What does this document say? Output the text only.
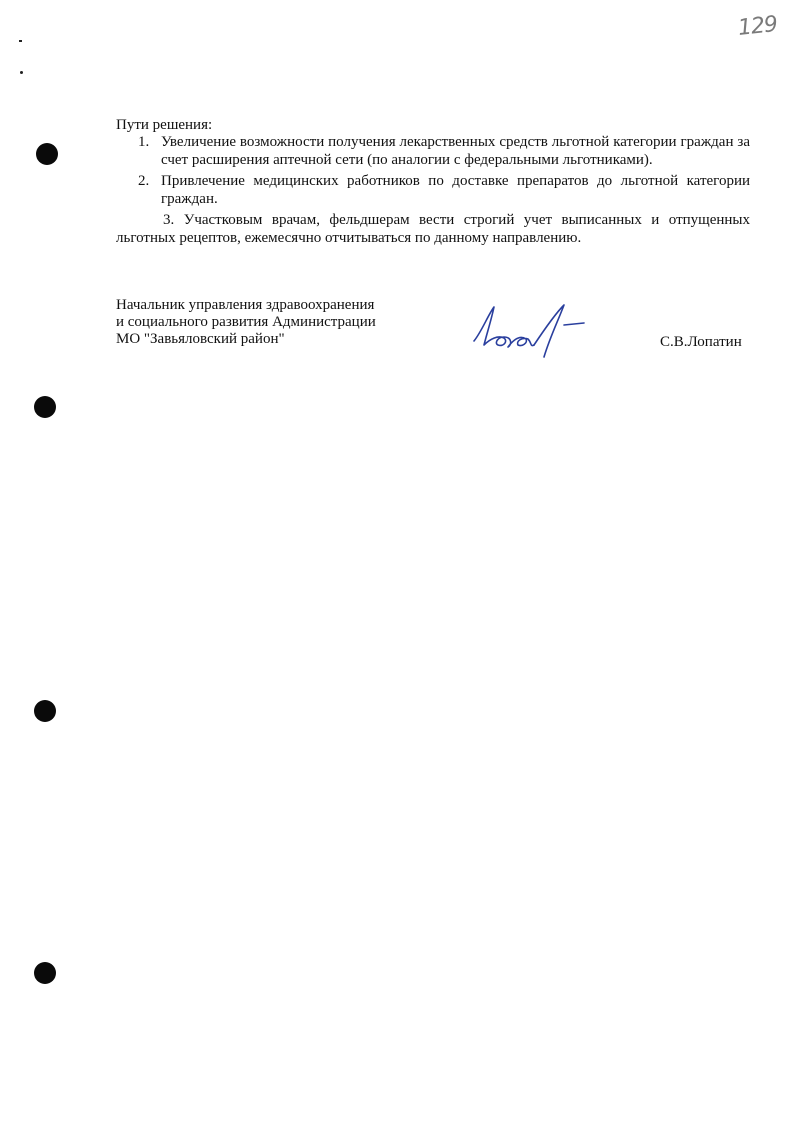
129
Пути решения:
1. Увеличение возможности получения лекарственных средств льготной категории граждан за счет расширения аптечной сети (по аналогии с федеральными льготниками).
2. Привлечение медицинских работников по доставке препаратов до льготной категории граждан.
3. Участковым врачам, фельдшерам вести строгий учет выписанных и отпущенных льготных рецептов, ежемесячно отчитываться по данному направлению.
Начальник управления здравоохранения
и социального развития Администрации
МО "Завьяловский район"	С.В.Лопатин
